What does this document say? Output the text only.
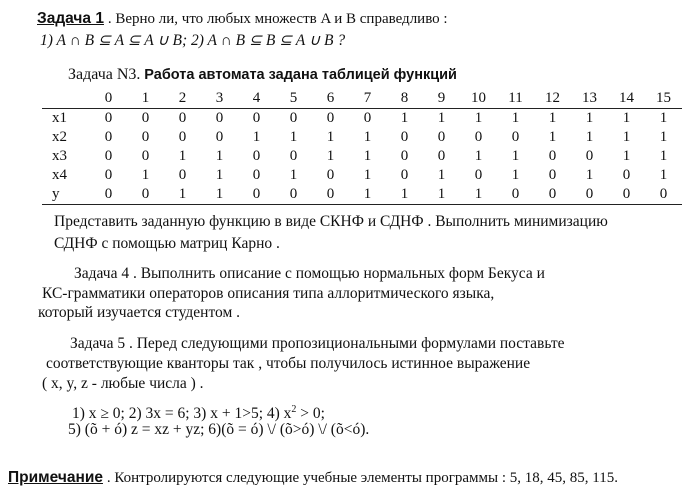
Задача 1 . Верно ли, что любых множеств A и B справедливо :
1) A ∩ B ⊆ A ⊆ A ∪ B; 2) A ∩ B ⊆ B ⊆ A ∪ B ?
Задача N3. Работа автомата задана таблицей функций
	0	1	2	3	4	5	6	7	8	9	10	11	12	13	14	15
x1	0	0	0	0	0	0	0	0	1	1	1	1	1	1	1	1
x2	0	0	0	0	1	1	1	1	0	0	0	0	1	1	1	1
x3	0	0	1	1	0	0	1	1	0	0	1	1	0	0	1	1
x4	0	1	0	1	0	1	0	1	0	1	0	1	0	1	0	1
y	0	0	1	1	0	0	0	1	1	1	1	0	0	0	0	0
Представить заданную функцию в виде СКНФ и СДНФ . Выполнить минимизацию
СДНФ с помощью матриц Карно .
Задача 4 . Выполнить описание с помощью нормальных форм Бекуса и
КС-грамматики операторов описания типа аллоритмического языка,
который изучается студентом .
Задача 5 . Перед следующими пропозициональными формулами поставьте
соответствующие кванторы так , чтобы получилось истинное выражение
( x, y, z - любые числа ) .
1) x ≥ 0; 2) 3x = 6; 3) x + 1>5; 4) $x^2 > 0$;
5) (õ + ó) z = xz + yz; 6)(õ = ó) \/ (õ>ó) \/ (õ<ó).
Примечание . Контролируются следующие учебные элементы программы : 5, 18, 45, 85, 115.
